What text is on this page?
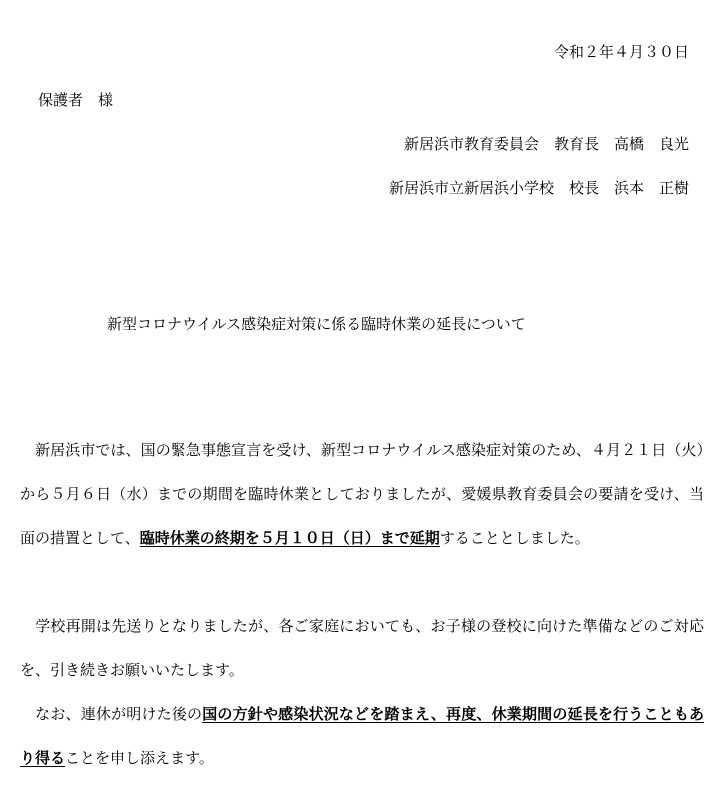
令和２年４月３０日
保護者　様
新居浜市教育委員会　教育長　高橋　良光
新居浜市立新居浜小学校　校長　浜本　正樹
新型コロナウイルス感染症対策に係る臨時休業の延長について
　新居浜市では、国の緊急事態宣言を受け、新型コロナウイルス感染症対策のため、４月２１日（火）から５月６日（水）までの期間を臨時休業としておりましたが、愛媛県教育委員会の要請を受け、当面の措置として、臨時休業の終期を５月１０日（日）まで延期することとしました。
　学校再開は先送りとなりましたが、各ご家庭においても、お子様の登校に向けた準備などのご対応を、引き続きお願いいたします。
　なお、連休が明けた後の国の方針や感染状況などを踏まえ、再度、休業期間の延長を行うこともあり得ることを申し添えます。
